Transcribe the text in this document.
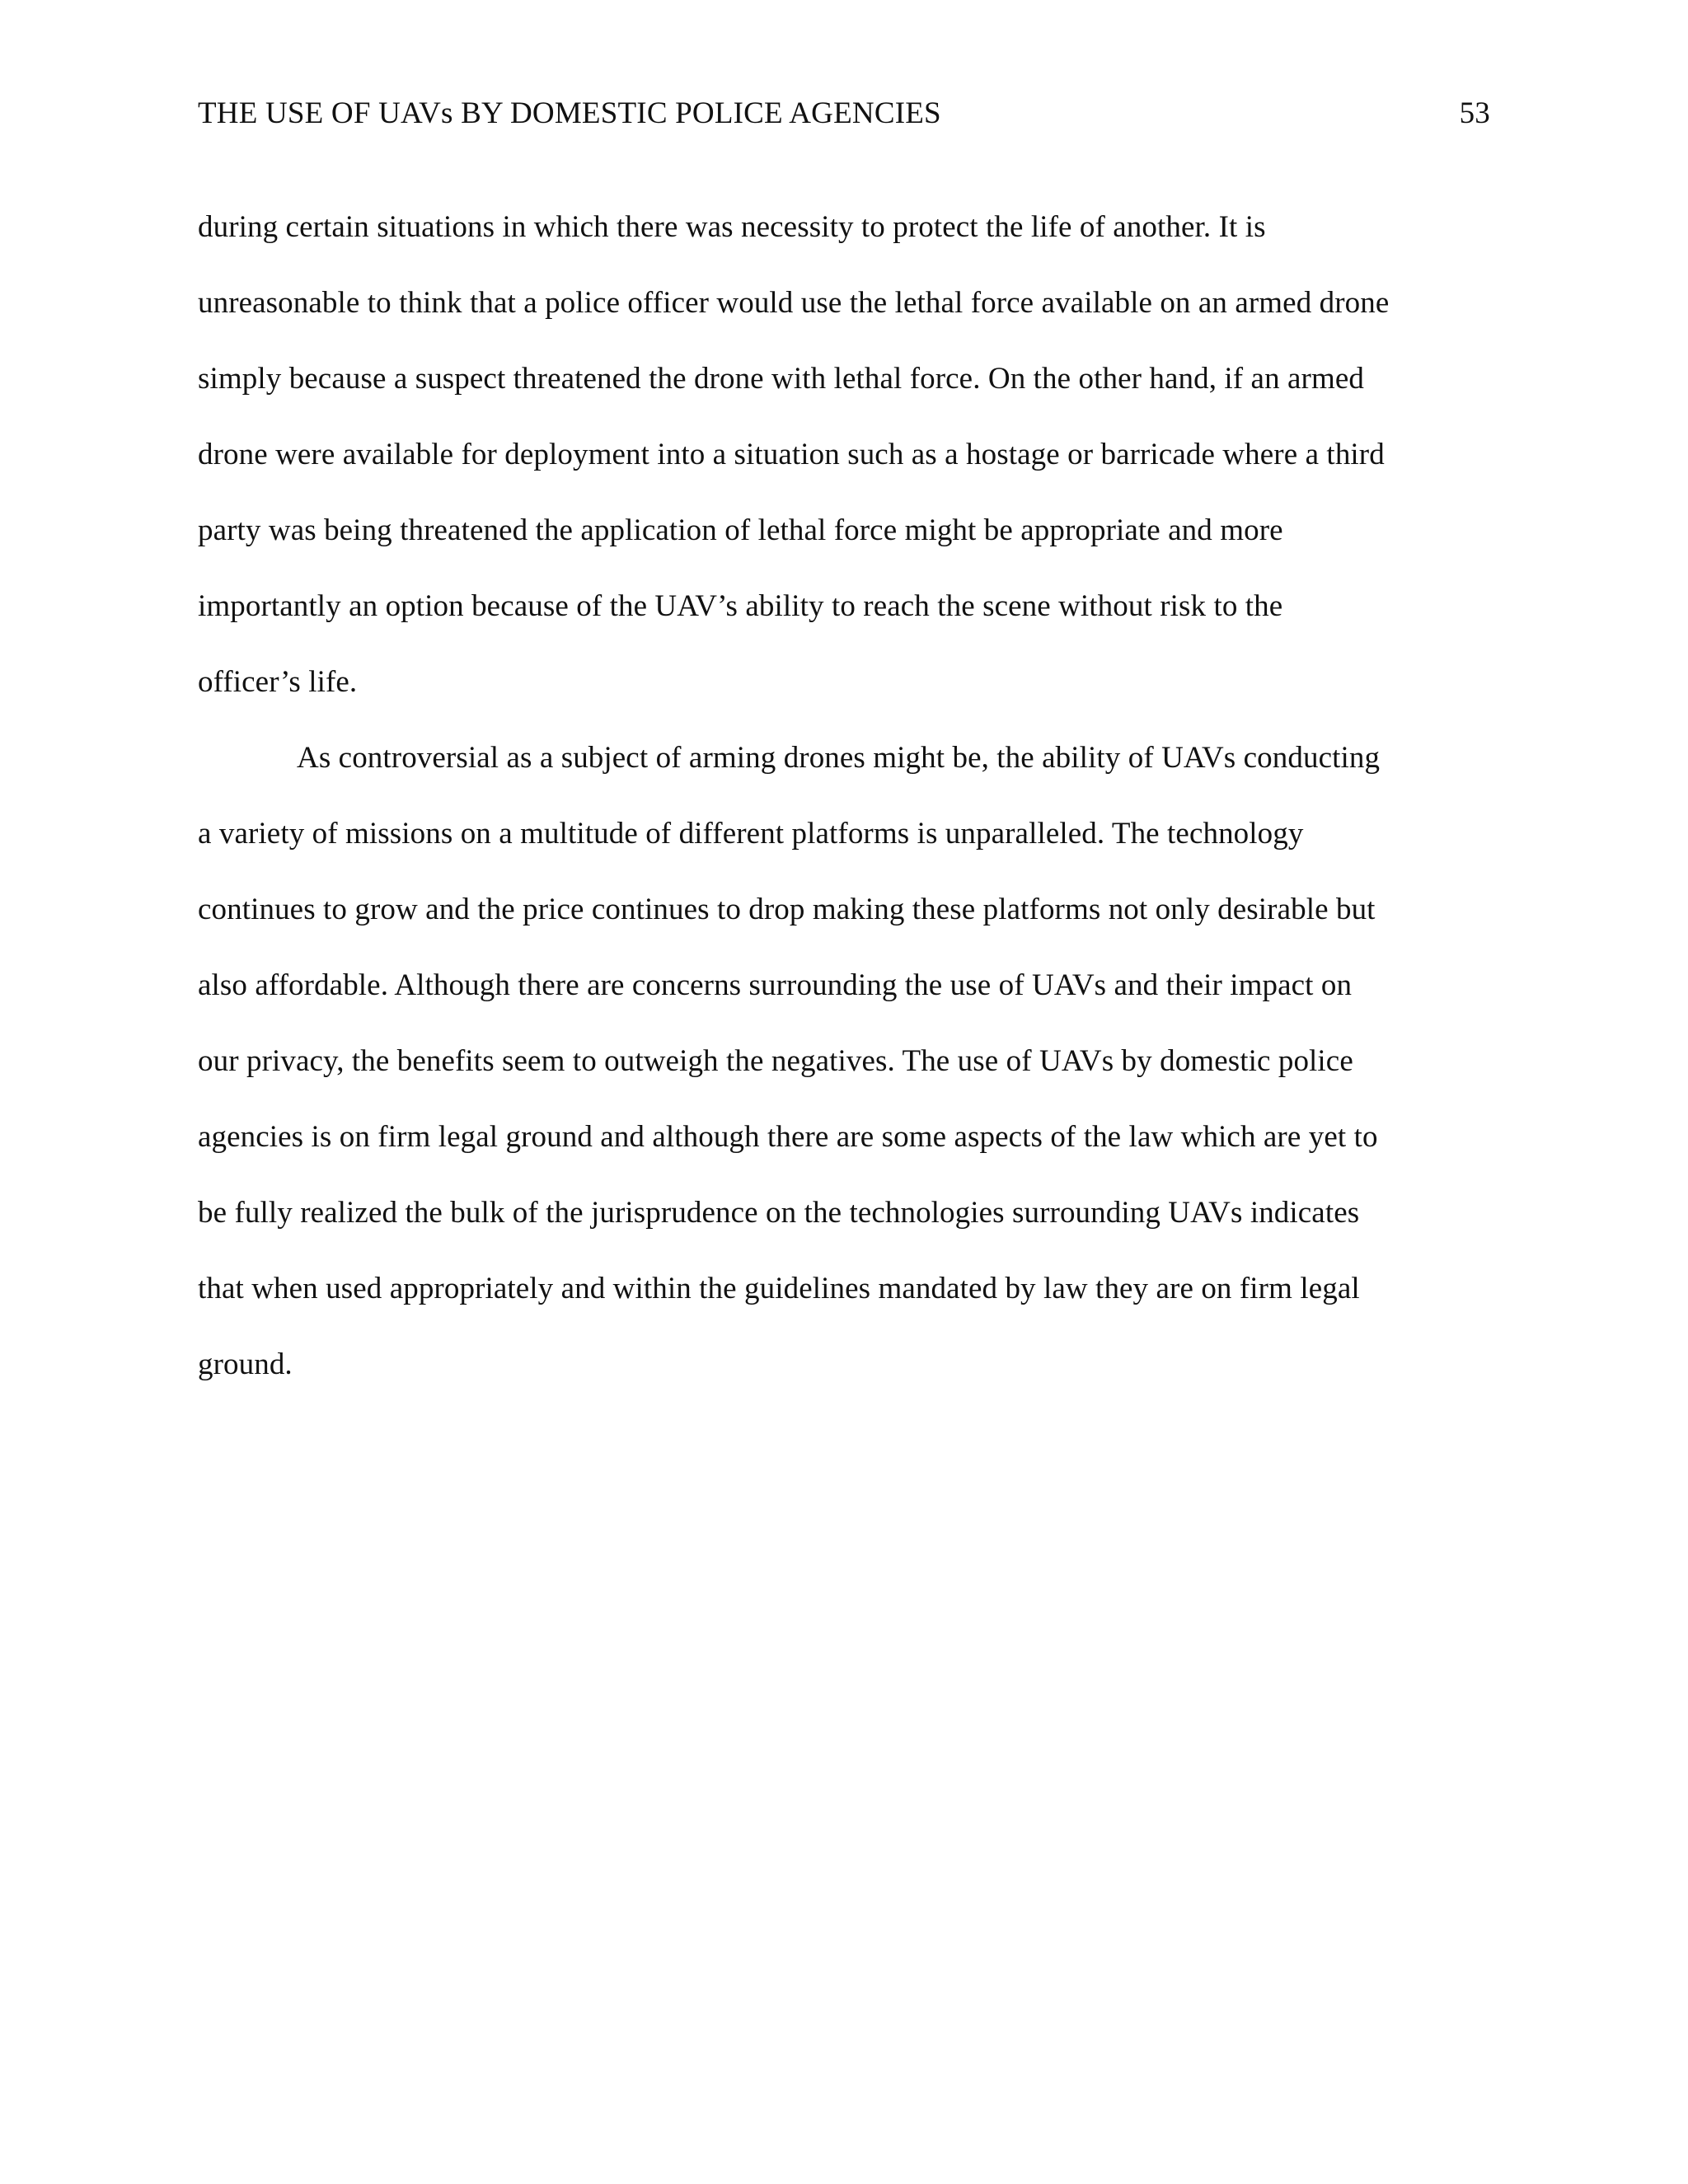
THE USE OF UAVs BY DOMESTIC POLICE AGENCIES	53
during certain situations in which there was necessity to protect the life of another. It is
unreasonable to think that a police officer would use the lethal force available on an armed drone
simply because a suspect threatened the drone with lethal force. On the other hand, if an armed
drone were available for deployment into a situation such as a hostage or barricade where a third
party was being threatened the application of lethal force might be appropriate and more
importantly an option because of the UAV’s ability to reach the scene without risk to the
officer’s life.
As controversial as a subject of arming drones might be, the ability of UAVs conducting
a variety of missions on a multitude of different platforms is unparalleled. The technology
continues to grow and the price continues to drop making these platforms not only desirable but
also affordable. Although there are concerns surrounding the use of UAVs and their impact on
our privacy, the benefits seem to outweigh the negatives. The use of UAVs by domestic police
agencies is on firm legal ground and although there are some aspects of the law which are yet to
be fully realized the bulk of the jurisprudence on the technologies surrounding UAVs indicates
that when used appropriately and within the guidelines mandated by law they are on firm legal
ground.
